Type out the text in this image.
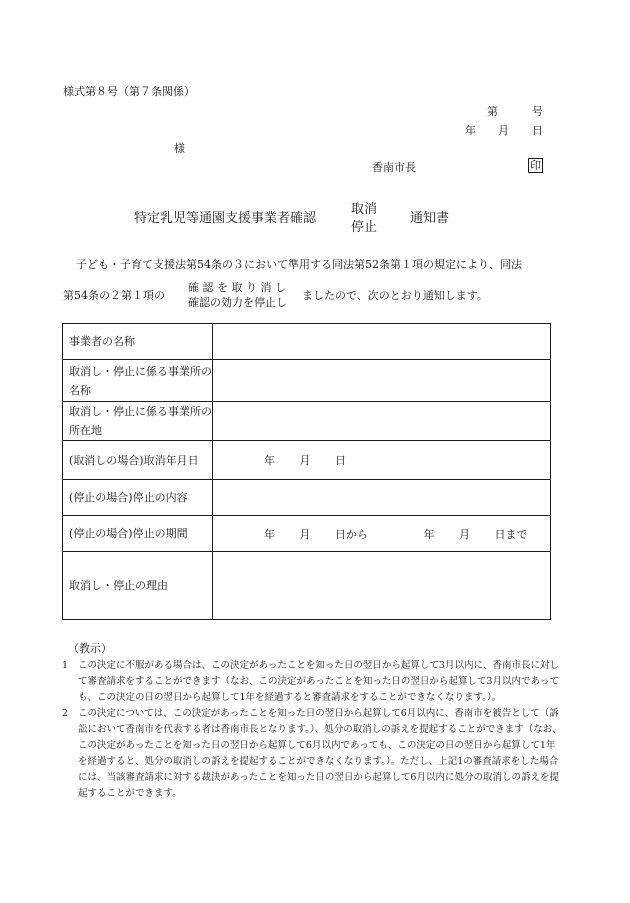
様式第８号（第７条関係）
第	号
年 月 日
様
香南市長	印
特定乳児等通園支援事業者確認
取消
停止
通知書
子ども・子育て支援法第54条の３において準用する同法第52条第１項の規定により、同法
第54条の２第１項の
確 認 を 取 り 消 し
確認の効力を停止し
ましたので、次のとおり通知します。
事業者の名称	
取消し・停止に係る事業所の名称	
取消し・停止に係る事業所の所在地	
(取消しの場合)取消年月日	年 月 日
(停止の場合)停止の内容	
(停止の場合)停止の期間	年 月 日から 年 月 日まで
取消し・停止の理由	
（教示）
1 この決定に不服がある場合は、この決定があったことを知った日の翌日から起算して3月以内に、香南市長に対して審査請求をすることができます（なお、この決定があったことを知った日の翌日から起算して3月以内であっても、この決定の日の翌日から起算して1年を経過すると審査請求をすることができなくなります。）。
2 この決定については、この決定があったことを知った日の翌日から起算して6月以内に、香南市を被告として（訴訟において香南市を代表する者は香南市長となります。）、処分の取消しの訴えを提起することができます（なお、この決定があったことを知った日の翌日から起算して6月以内であっても、この決定の日の翌日から起算して1年を経過すると、処分の取消しの訴えを提起することができなくなります。）。ただし、上記1の審査請求をした場合には、当該審査請求に対する裁決があったことを知った日の翌日から起算して6月以内に処分の取消しの訴えを提起することができます。
